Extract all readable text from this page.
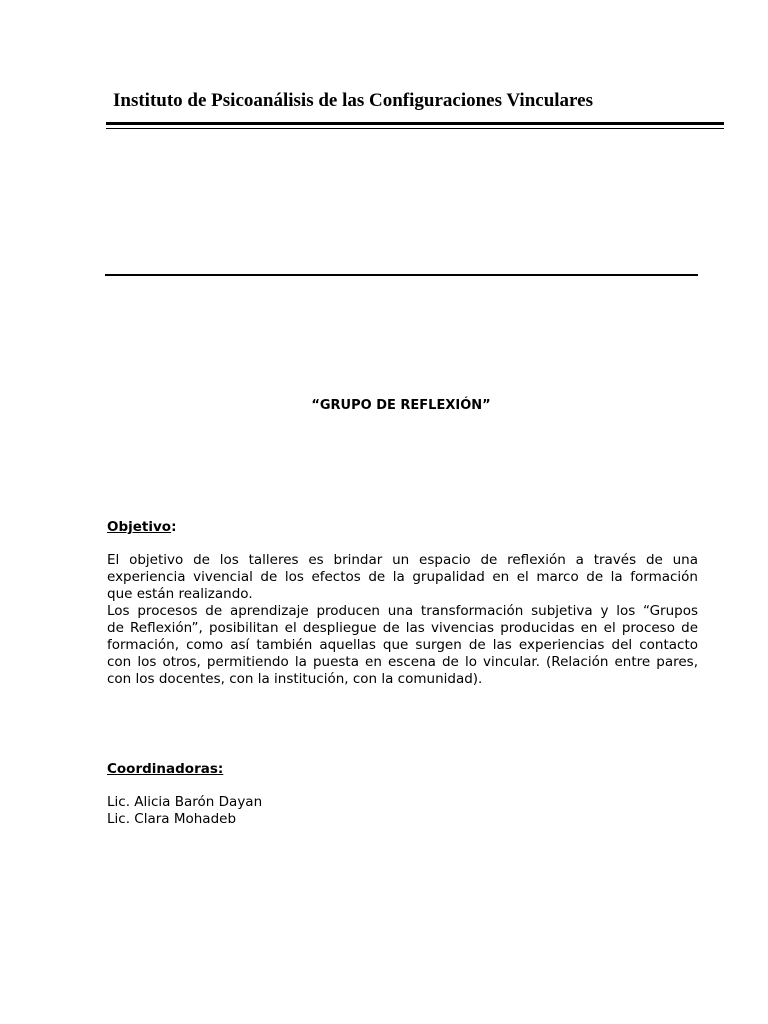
Instituto de Psicoanálisis de las Configuraciones Vinculares
“GRUPO DE REFLEXIÓN”

Objetivo:

El objetivo de los talleres es brindar un espacio de reflexión a través de una
experiencia vivencial de los efectos de la grupalidad en el marco de la formación
que están realizando.
Los procesos de aprendizaje producen una transformación subjetiva y los “Grupos
de Reflexión”, posibilitan el despliegue de las vivencias producidas en el proceso de
formación, como así también aquellas que surgen de las experiencias del contacto
con los otros, permitiendo la puesta en escena de lo vincular. (Relación entre pares,
con los docentes, con la institución, con la comunidad).

Coordinadoras:

Lic. Alicia Barón Dayan
Lic. Clara Mohadeb
